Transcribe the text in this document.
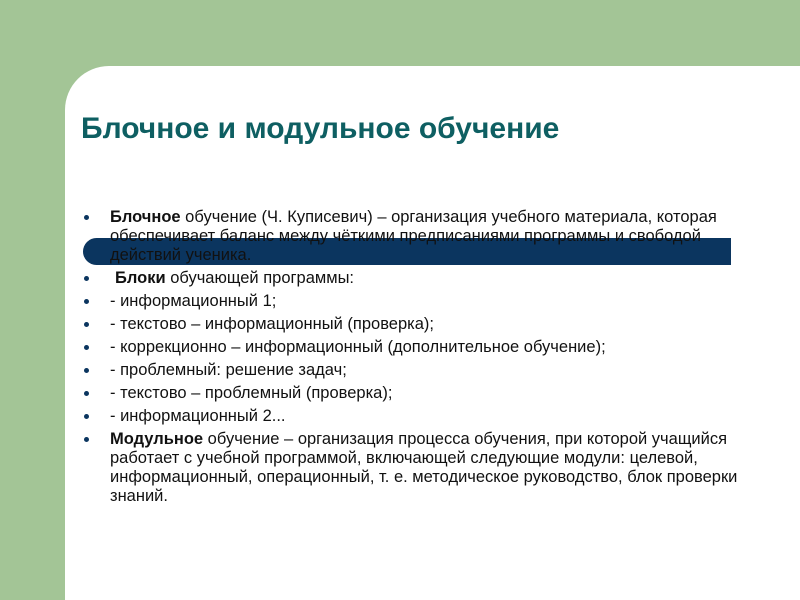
Блочное и модульное обучение
Блочное обучение (Ч. Куписевич) – организация учебного материала, которая обеспечивает баланс между чёткими предписаниями программы и свободой действий ученика.
Блоки обучающей программы:
- информационный 1;
- текстово – информационный (проверка);
- коррекционно – информационный (дополнительное обучение);
- проблемный: решение задач;
- текстово – проблемный (проверка);
- информационный 2...
Модульное обучение – организация процесса обучения, при которой учащийся работает с учебной программой, включающей следующие модули: целевой, информационный, операционный, т. е. методическое руководство, блок проверки знаний.
